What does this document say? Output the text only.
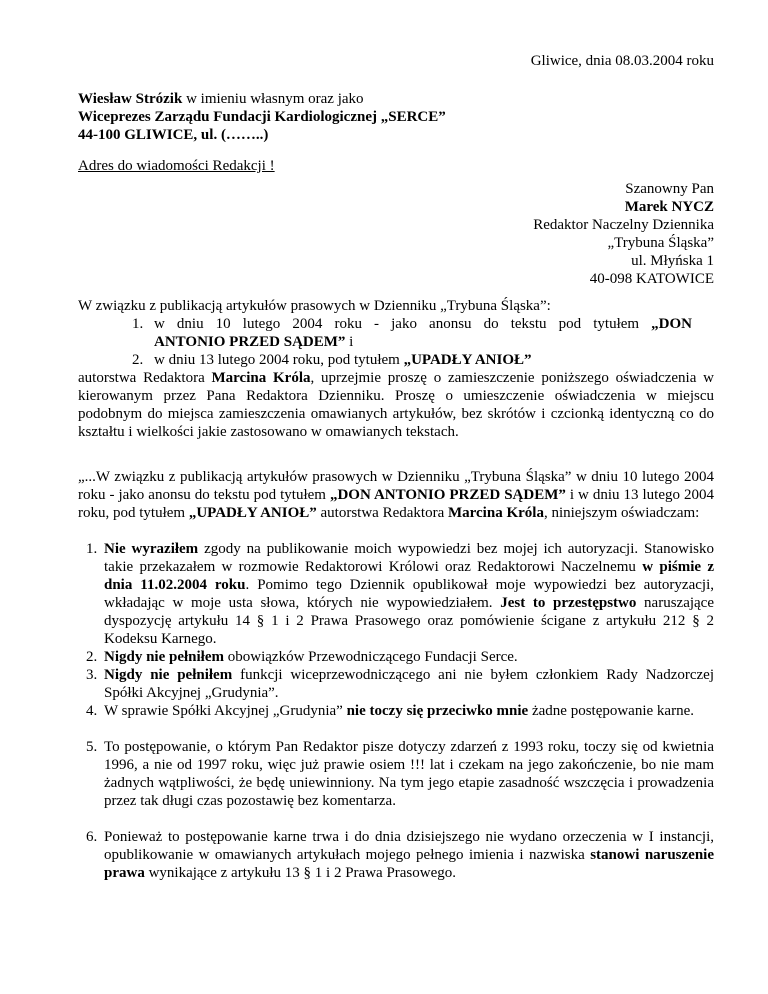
Gliwice, dnia 08.03.2004 roku
Wiesław Strózik w imieniu własnym oraz jako
Wiceprezes Zarządu Fundacji Kardiologicznej „SERCE”
44-100 GLIWICE, ul. (……..)
Adres do wiadomości Redakcji !
Szanowny Pan
Marek NYCZ
Redaktor Naczelny Dziennika
„Trybuna Śląska”
ul. Młyńska 1
40-098 KATOWICE
W związku z publikacją artykułów prasowych w Dzienniku „Trybuna Śląska”:
1. w dniu 10 lutego 2004 roku - jako anonsu do tekstu pod tytułem „DON
ANTONIO PRZED SĄDEM” i
2. w dniu 13 lutego 2004 roku, pod tytułem „UPADŁY ANIOŁ”
autorstwa Redaktora Marcina Króla, uprzejmie proszę o zamieszczenie poniższego oświadczenia w kierowanym przez Pana Redaktora Dzienniku. Proszę o umieszczenie oświadczenia w miejscu podobnym do miejsca zamieszczenia omawianych artykułów, bez skrótów i czcionką identyczną co do kształtu i wielkości jakie zastosowano w omawianych tekstach.
„...W związku z publikacją artykułów prasowych w Dzienniku „Trybuna Śląska” w dniu 10 lutego 2004 roku - jako anonsu do tekstu pod tytułem „DON ANTONIO PRZED SĄDEM” i w dniu 13 lutego 2004 roku, pod tytułem „UPADŁY ANIOŁ” autorstwa Redaktora Marcina Króla, niniejszym oświadczam:
1. Nie wyraziłem zgody na publikowanie moich wypowiedzi bez mojej ich autoryzacji. Stanowisko takie przekazałem w rozmowie Redaktorowi Królowi oraz Redaktorowi Naczelnemu w piśmie z dnia 11.02.2004 roku. Pomimo tego Dziennik opublikował moje wypowiedzi bez autoryzacji, wkładając w moje usta słowa, których nie wypowiedziałem. Jest to przestępstwo naruszające dyspozycję artykułu 14 § 1 i 2 Prawa Prasowego oraz pomówienie ścigane z artykułu 212 § 2 Kodeksu Karnego.
2. Nigdy nie pełniłem obowiązków Przewodniczącego Fundacji Serce.
3. Nigdy nie pełniłem funkcji wiceprzewodniczącego ani nie byłem członkiem Rady Nadzorczej Spółki Akcyjnej „Grudynia”.
4. W sprawie Spółki Akcyjnej „Grudynia” nie toczy się przeciwko mnie żadne postępowanie karne.
5. To postępowanie, o którym Pan Redaktor pisze dotyczy zdarzeń z 1993 roku, toczy się od kwietnia 1996, a nie od 1997 roku, więc już prawie osiem !!! lat i czekam na jego zakończenie, bo nie mam żadnych wątpliwości, że będę uniewinniony. Na tym jego etapie zasadność wszczęcia i prowadzenia przez tak długi czas pozostawię bez komentarza.
6. Ponieważ to postępowanie karne trwa i do dnia dzisiejszego nie wydano orzeczenia w I instancji, opublikowanie w omawianych artykułach mojego pełnego imienia i nazwiska stanowi naruszenie prawa wynikające z artykułu 13 § 1 i 2 Prawa Prasowego.
